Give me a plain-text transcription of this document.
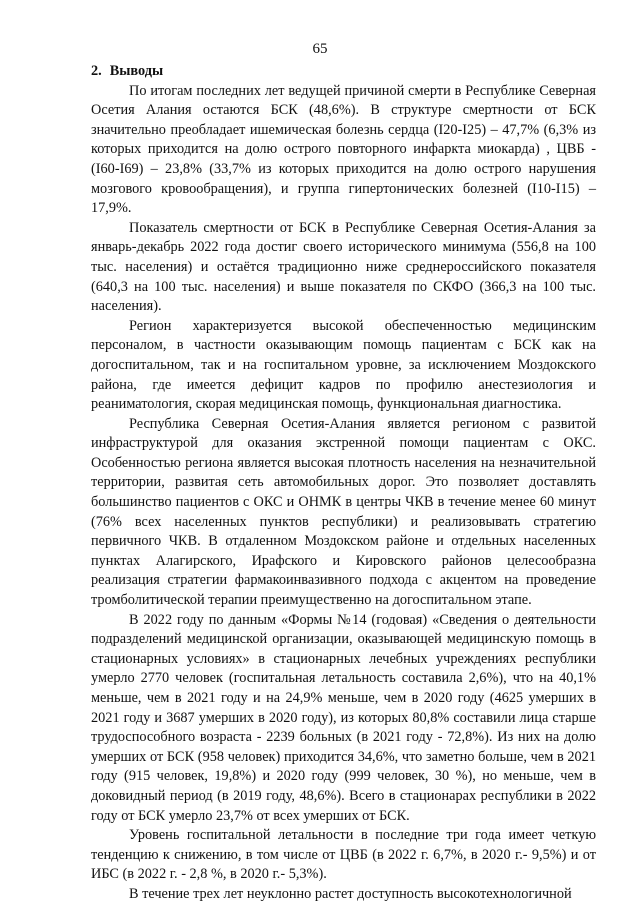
65
2. Выводы

По итогам последних лет ведущей причиной смерти в Республике Северная Осетия Алания остаются БСК (48,6%). В структуре смертности от БСК значительно преобладает ишемическая болезнь сердца (I20-I25) – 47,7% (6,3% из которых приходится на долю острого повторного инфаркта миокарда) , ЦВБ - (I60-I69) – 23,8% (33,7% из которых приходится на долю острого нарушения мозгового кровообращения), и группа гипертонических болезней (I10-I15) – 17,9%.

Показатель смертности от БСК в Республике Северная Осетия-Алания за январь-декабрь 2022 года достиг своего исторического минимума (556,8 на 100 тыс. населения) и остаётся традиционно ниже среднероссийского показателя (640,3 на 100 тыс. населения) и выше показателя по СКФО (366,3 на 100 тыс. населения).

Регион характеризуется высокой обеспеченностью медицинским персоналом, в частности оказывающим помощь пациентам с БСК как на догоспитальном, так и на госпитальном уровне, за исключением Моздокского района, где имеется дефицит кадров по профилю анестезиология и реаниматология, скорая медицинская помощь, функциональная диагностика.

Республика Северная Осетия-Алания является регионом с развитой инфраструктурой для оказания экстренной помощи пациентам с ОКС. Особенностью региона является высокая плотность населения на незначительной территории, развитая сеть автомобильных дорог. Это позволяет доставлять большинство пациентов с ОКС и ОНМК в центры ЧКВ в течение менее 60 минут (76% всех населенных пунктов республики) и реализовывать стратегию первичного ЧКВ. В отдаленном Моздокском районе и отдельных населенных пунктах Алагирского, Ирафского и Кировского районов целесообразна реализация стратегии фармакоинвазивного подхода с акцентом на проведение тромболитической терапии преимущественно на догоспитальном этапе.

В 2022 году по данным «Формы №14 (годовая) «Сведения о деятельности подразделений медицинской организации, оказывающей медицинскую помощь в стационарных условиях» в стационарных лечебных учреждениях республики умерло 2770 человек (госпитальная летальность составила 2,6%), что на 40,1% меньше, чем в 2021 году и на 24,9% меньше, чем в 2020 году (4625 умерших в 2021 году и 3687 умерших в 2020 году), из которых 80,8% составили лица старше трудоспособного возраста - 2239 больных (в 2021 году - 72,8%). Из них на долю умерших от БСК (958 человек) приходится 34,6%, что заметно больше, чем в 2021 году (915 человек, 19,8%) и 2020 году (999 человек, 30 %), но меньше, чем в доковидный период (в 2019 году, 48,6%). Всего в стационарах республики в 2022 году от БСК умерло 23,7% от всех умерших от БСК.

Уровень госпитальной летальности в последние три года имеет четкую тенденцию к снижению, в том числе от ЦВБ (в 2022 г. 6,7%, в 2020 г.- 9,5%) и от ИБС (в 2022 г. - 2,8 %, в 2020 г.- 5,3%).

В течение трех лет неуклонно растет доступность высокотехнологичной
